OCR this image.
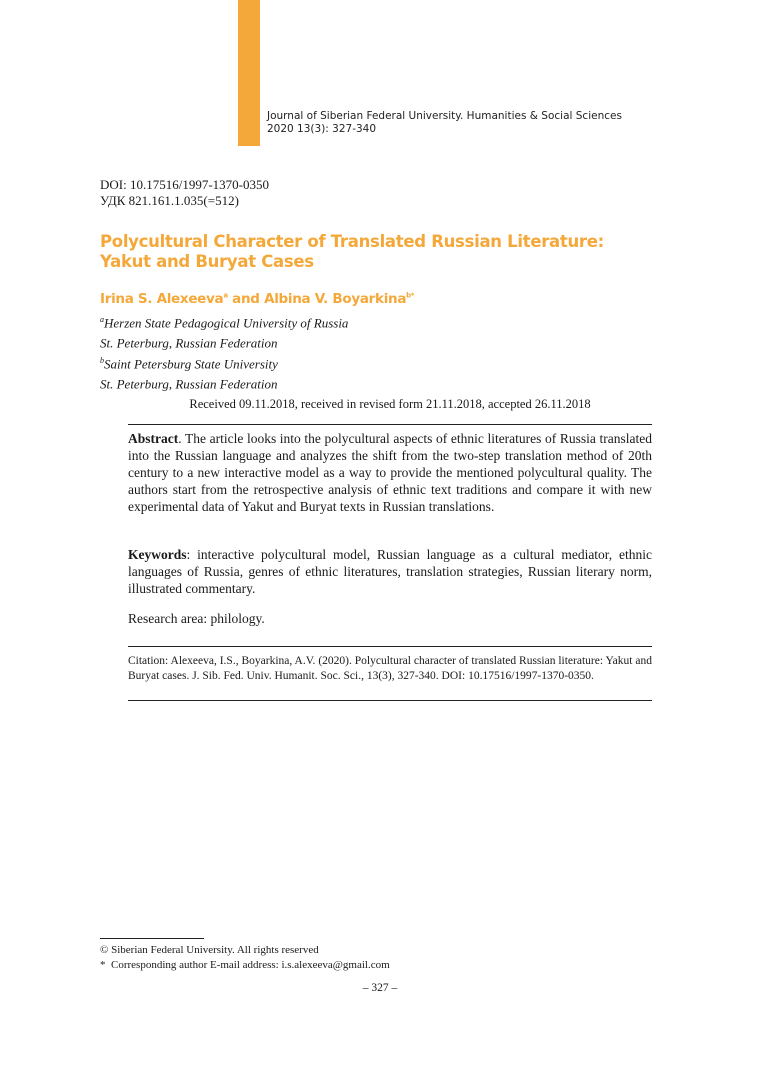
Journal of Siberian Federal University. Humanities & Social Sciences
2020 13(3): 327-340
DOI: 10.17516/1997-1370-0350
УДК 821.161.1.035(=512)
Polycultural Character of Translated Russian Literature:
Yakut and Buryat Cases
Irina S. Alexeeva$^a$ and Albina V. Boyarkina$^{b*}$
$^a$Herzen State Pedagogical University of Russia
St. Peterburg, Russian Federation
$^b$Saint Petersburg State University
St. Peterburg, Russian Federation
Received 09.11.2018, received in revised form 21.11.2018, accepted 26.11.2018
Abstract. The article looks into the polycultural aspects of ethnic literatures of Russia translated into the Russian language and analyzes the shift from the two-step translation method of 20th century to a new interactive model as a way to provide the mentioned polycultural quality. The authors start from the retrospective analysis of ethnic text traditions and compare it with new experimental data of Yakut and Buryat texts in Russian translations.
Keywords: interactive polycultural model, Russian language as a cultural mediator, ethnic languages of Russia, genres of ethnic literatures, translation strategies, Russian literary norm, illustrated commentary.
Research area: philology.
Citation: Alexeeva, I.S., Boyarkina, A.V. (2020). Polycultural character of translated Russian literature: Yakut and Buryat cases. J. Sib. Fed. Univ. Humanit. Soc. Sci., 13(3), 327-340. DOI: 10.17516/1997-1370-0350.
© Siberian Federal University. All rights reserved
*  Corresponding author E-mail address: i.s.alexeeva@gmail.com
– 327 –
